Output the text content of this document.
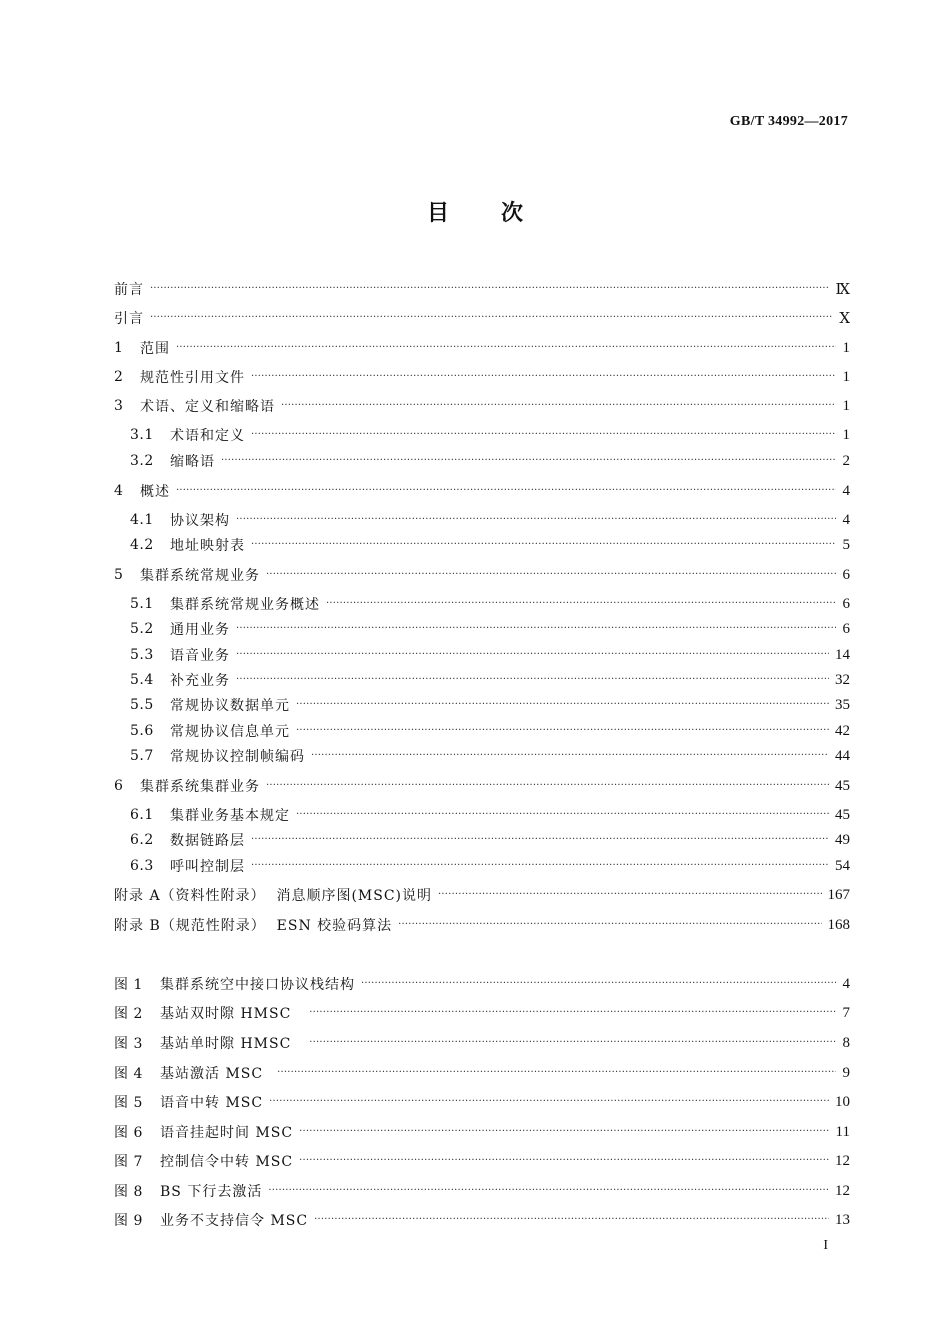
GB/T 34992—2017
目 次
前言 ·····	Ⅸ
引言 ·····	Ⅹ
1	范围 ·····	1
2	规范性引用文件 ·····	1
3	术语、定义和缩略语 ·····	1
3.1	术语和定义 ·····	1
3.2	缩略语 ·····	2
4	概述 ·····	4
4.1	协议架构 ·····	4
4.2	地址映射表 ·····	5
5	集群系统常规业务 ·····	6
5.1	集群系统常规业务概述 ·····	6
5.2	通用业务 ·····	6
5.3	语音业务 ·····	14
5.4	补充业务 ·····	32
5.5	常规协议数据单元 ·····	35
5.6	常规协议信息单元 ·····	42
5.7	常规协议控制帧编码 ·····	44
6	集群系统集群业务 ·····	45
6.1	集群业务基本规定 ·····	45
6.2	数据链路层 ·····	49
6.3	呼叫控制层 ·····	54
附录 A（资料性附录）  消息顺序图(MSC)说明 ·····	167
附录 B（规范性附录）  ESN 校验码算法 ·····	168
图 1	集群系统空中接口协议栈结构 ·····	4
图 2	基站双时隙 HMSC ·····	7
图 3	基站单时隙 HMSC ·····	8
图 4	基站激活 MSC ·····	9
图 5	语音中转 MSC ·····	10
图 6	语音挂起时间 MSC ·····	11
图 7	控制信令中转 MSC ·····	12
图 8	BS 下行去激活 ·····	12
图 9	业务不支持信令 MSC ·····	13
I
